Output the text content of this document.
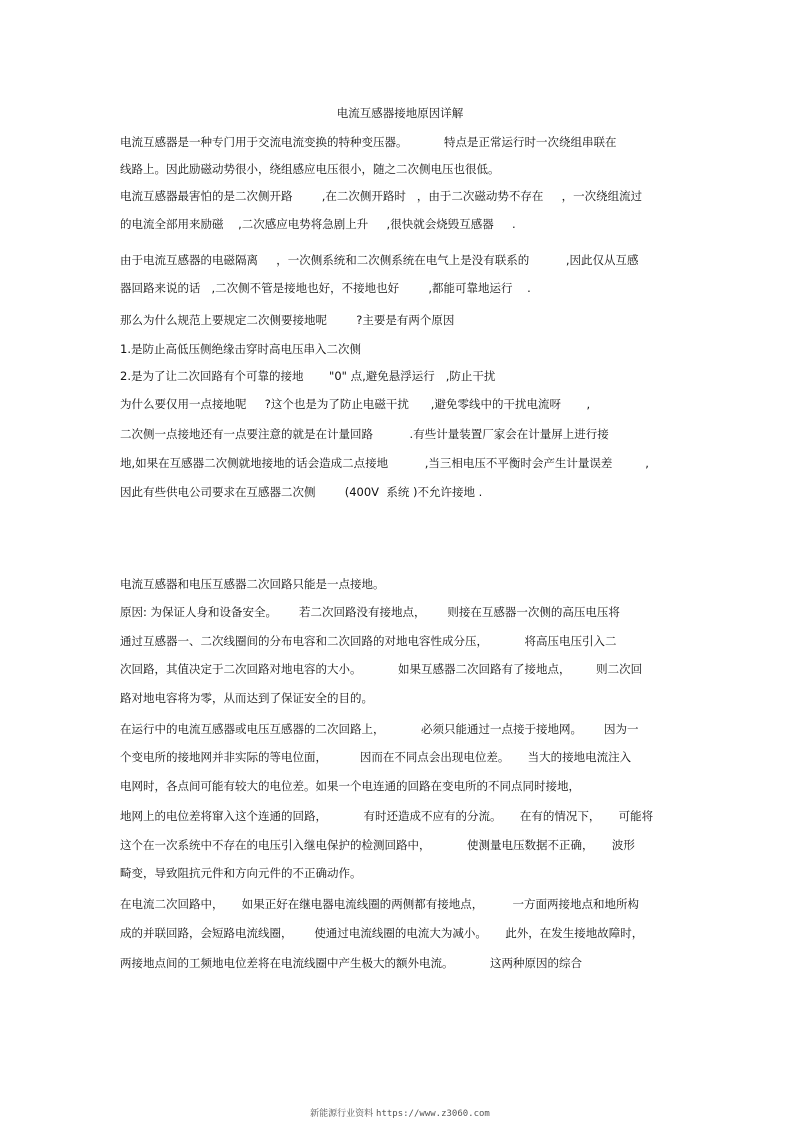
电流互感器接地原因详解
电流互感器是一种专门用于交流电流变换的特种变压器。          特点是正常运行时一次绕组串联在
线路上。因此励磁动势很小，绕组感应电压很小，随之二次侧电压也很低。
电流互感器最害怕的是二次侧开路        ,在二次侧开路时   ，由于二次磁动势不存在     ，一次绕组流过
的电流全部用来励磁    ,二次感应电势将急剧上升     ,很快就会烧毁互感器     .
由于电流互感器的电磁隔离     ，一次侧系统和二次侧系统在电气上是没有联系的          ,因此仅从互感
器回路来说的话   ,二次侧不管是接地也好，不接地也好        ,都能可靠地运行    .
那么为什么规范上要规定二次侧要接地呢        ?主要是有两个原因
1.是防止高低压侧绝缘击穿时高电压串入二次侧
2.是为了让二次回路有个可靠的接地       "0" 点,避免悬浮运行   ,防止干扰
为什么要仅用一点接地呢     ?这个也是为了防止电磁干扰      ,避免零线中的干扰电流呀       ,
二次侧一点接地还有一点要注意的就是在计量回路          .有些计量装置厂家会在计量屏上进行接
地,如果在互感器二次侧就地接地的话会造成二点接地          ,当三相电压不平衡时会产生计量误差         ,
因此有些供电公司要求在互感器二次侧        (400V  系统 )不允许接地 .
电流互感器和电压互感器二次回路只能是一点接地。
原因: 为保证人身和设备安全。      若二次回路没有接地点，      则接在互感器一次侧的高压电压将
通过互感器一、二次线圈间的分布电容和二次回路的对地电容性成分压，          将高压电压引入二
次回路，其值决定于二次回路对地电容的大小。          如果互感器二次回路有了接地点，       则二次回
路对地电容将为零，从而达到了保证安全的目的。
在运行中的电流互感器或电压互感器的二次回路上，          必须只能通过一点接于接地网。      因为一
个变电所的接地网并非实际的等电位面，         因而在不同点会出现电位差。     当大的接地电流注入
电网时，各点间可能有较大的电位差。如果一个电连通的回路在变电所的不同点同时接地，
地网上的电位差将窜入这个连通的回路，          有时还造成不应有的分流。     在有的情况下，     可能将
这个在一次系统中不存在的电压引入继电保护的检测回路中，          使测量电压数据不正确，     波形
畸变，导致阻抗元件和方向元件的不正确动作。
在电流二次回路中，     如果正好在继电器电流线圈的两侧都有接地点，        一方面两接地点和地所构
成的并联回路，会短路电流线圈，      使通过电流线圈的电流大为减小。     此外，在发生接地故障时，
两接地点间的工频地电位差将在电流线圈中产生极大的额外电流。          这两种原因的综合
新能源行业资料 https://www.z3060.com
